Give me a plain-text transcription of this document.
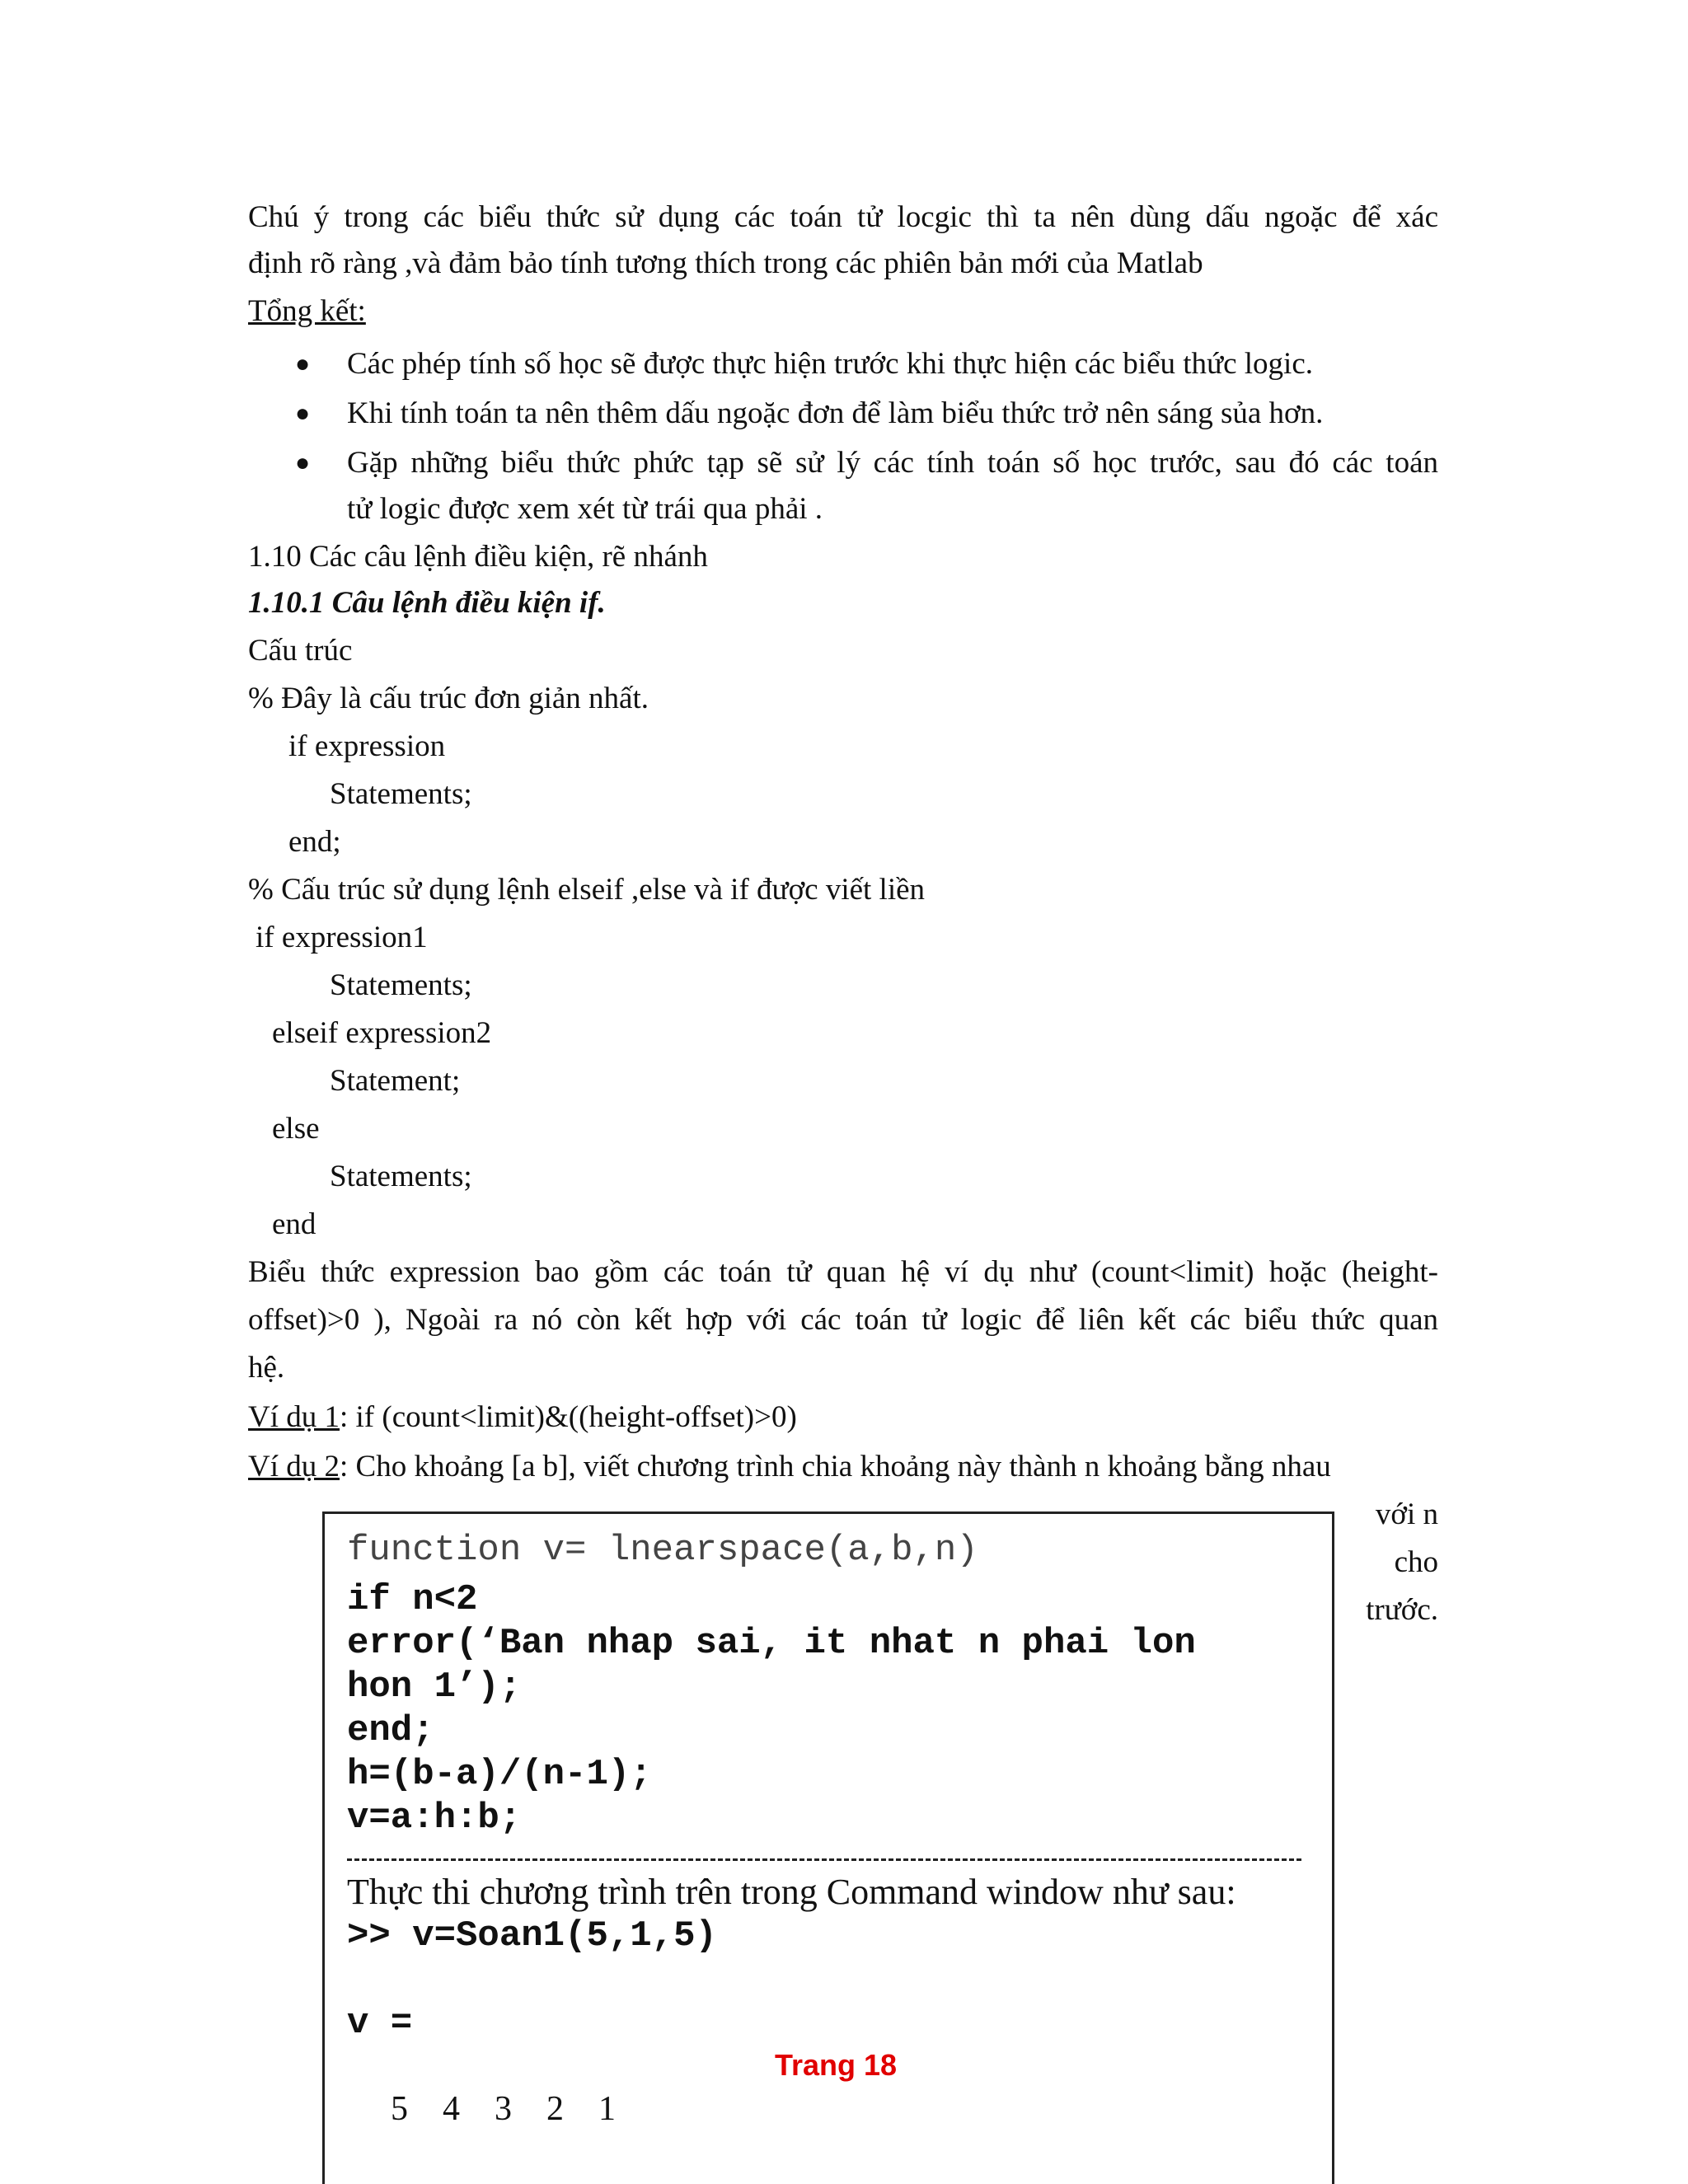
Chú ý trong các biểu thức sử dụng các toán tử locgic thì ta nên dùng dấu ngoặc để xác
định rõ ràng ,và đảm bảo tính tương thích trong các phiên bản mới của Matlab
Tổng kết:
● Các phép tính số học sẽ được thực hiện trước khi thực hiện các biểu thức logic.
● Khi tính toán ta nên thêm dấu ngoặc đơn để làm biểu thức trở nên sáng sủa hơn.
● Gặp những biểu thức phức tạp sẽ sử lý các tính toán số học trước, sau đó các toán
tử logic được xem xét từ trái qua phải .
1.10 Các câu lệnh điều kiện, rẽ nhánh
1.10.1 Câu lệnh điều kiện if.
Cấu trúc
% Đây là cấu trúc đơn giản nhất.
if expression
Statements;
end;
% Cấu trúc sử dụng lệnh elseif ,else và if được viết liền
if expression1
Statements;
elseif expression2
Statement;
else
Statements;
end
Biểu thức expression bao gồm các toán tử quan hệ ví dụ như (count<limit) hoặc (height-
offset)>0 ), Ngoài ra nó còn kết hợp với các toán tử logic để liên kết các biểu thức quan
hệ.
Ví dụ 1: if (count<limit)&((height-offset)>0)
Ví dụ 2: Cho khoảng [a b], viết chương trình chia khoảng này thành n khoảng bằng nhau
với n
cho
trước.
function v= lnearspace(a,b,n)
if n<2
error(‘Ban nhap sai, it nhat n phai lon
hon 1’);
end;
h=(b-a)/(n-1);
v=a:h:b;
Thực thi chương trình trên trong Command window như sau:
>> v=Soan1(5,1,5)
v =
5    4    3    2    1
Trang 18
